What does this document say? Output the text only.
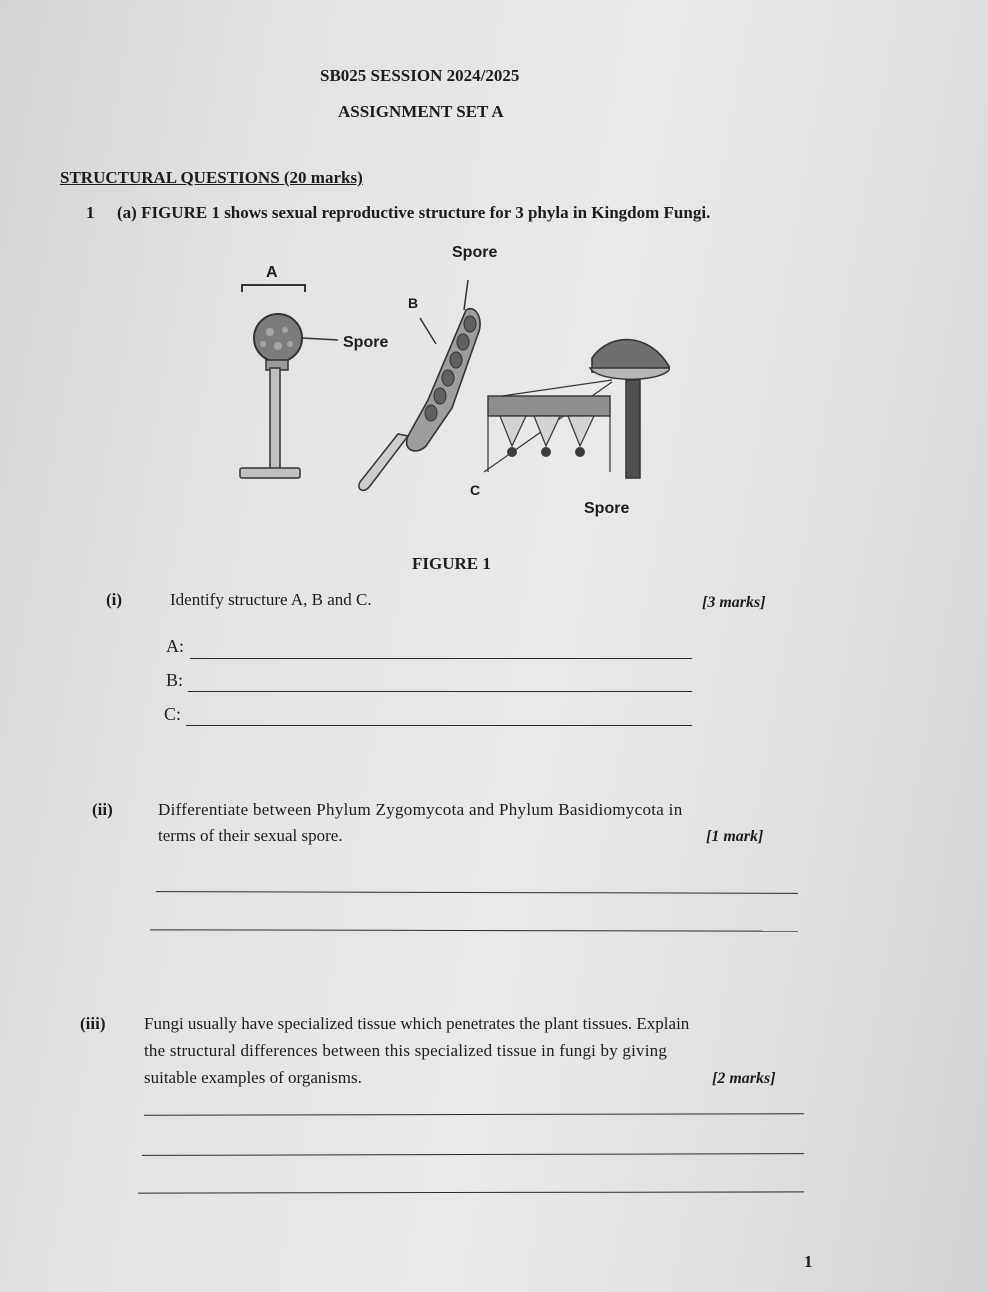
SB025 SESSION 2024/2025
ASSIGNMENT SET A
STRUCTURAL QUESTIONS (20 marks)
1 (a) FIGURE 1 shows sexual reproductive structure for 3 phyla in Kingdom Fungi.
Spore
A
B
Spore
C
Spore
FIGURE 1
(i)	Identify structure A, B and C.	[3 marks]
A:
B:
C:
(ii)	Differentiate between Phylum Zygomycota and Phylum Basidiomycota in
terms of their sexual spore.	[1 mark]
(iii) Fungi usually have specialized tissue which penetrates the plant tissues. Explain
the structural differences between this specialized tissue in fungi by giving
suitable examples of organisms.	[2 marks]
1
